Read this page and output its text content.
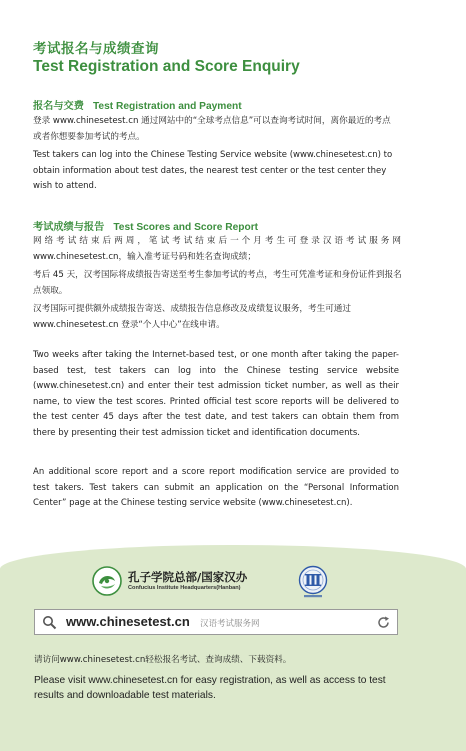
考试报名与成绩查询
Test Registration and Score Enquiry
报名与交费 Test Registration and Payment
登录 www.chinesetest.cn 通过网站中的“全球考点信息”可以查询考试时间，离你最近的考点或者你想要参加考试的考点。
Test takers can log into the Chinese Testing Service website (www.chinesetest.cn) to obtain information about test dates, the nearest test center or the test center they wish to attend.
考试成绩与报告 Test Scores and Score Report
网络考试结束后两周，笔试考试结束后一个月考生可登录汉语考试服务网 www.chinesetest.cn，输入准考证号码和姓名查询成绩；
考后 45 天，汉考国际将成绩报告寄送至考生参加考试的考点，考生可凭准考证和身份证件到报名点领取。
汉考国际可提供额外成绩报告寄送、成绩报告信息修改及成绩复议服务，考生可通过 www.chinesetest.cn 登录“个人中心”在线申请。
Two weeks after taking the Internet-based test, or one month after taking the paper-based test, test takers can log into the Chinese testing service website (www.chinesetest.cn) and enter their test admission ticket number, as well as their name, to view the test scores. Printed official test score reports will be delivered to the test center 45 days after the test date, and test takers can obtain them from there by presenting their test admission ticket and identification documents.
An additional score report and a score report modification service are provided to test takers. Test takers can submit an application on the “Personal Information Center” page at the Chinese testing service website (www.chinesetest.cn).
孔子学院总部/国家汉办
Confucius Institute Headquarters(Hanban)
www.chinesetest.cn 汉语考试服务网
请访问www.chinesetest.cn轻松报名考试、查询成绩、下载资料。
Please visit www.chinesetest.cn for easy registration, as well as access to test results and downloadable test materials.
